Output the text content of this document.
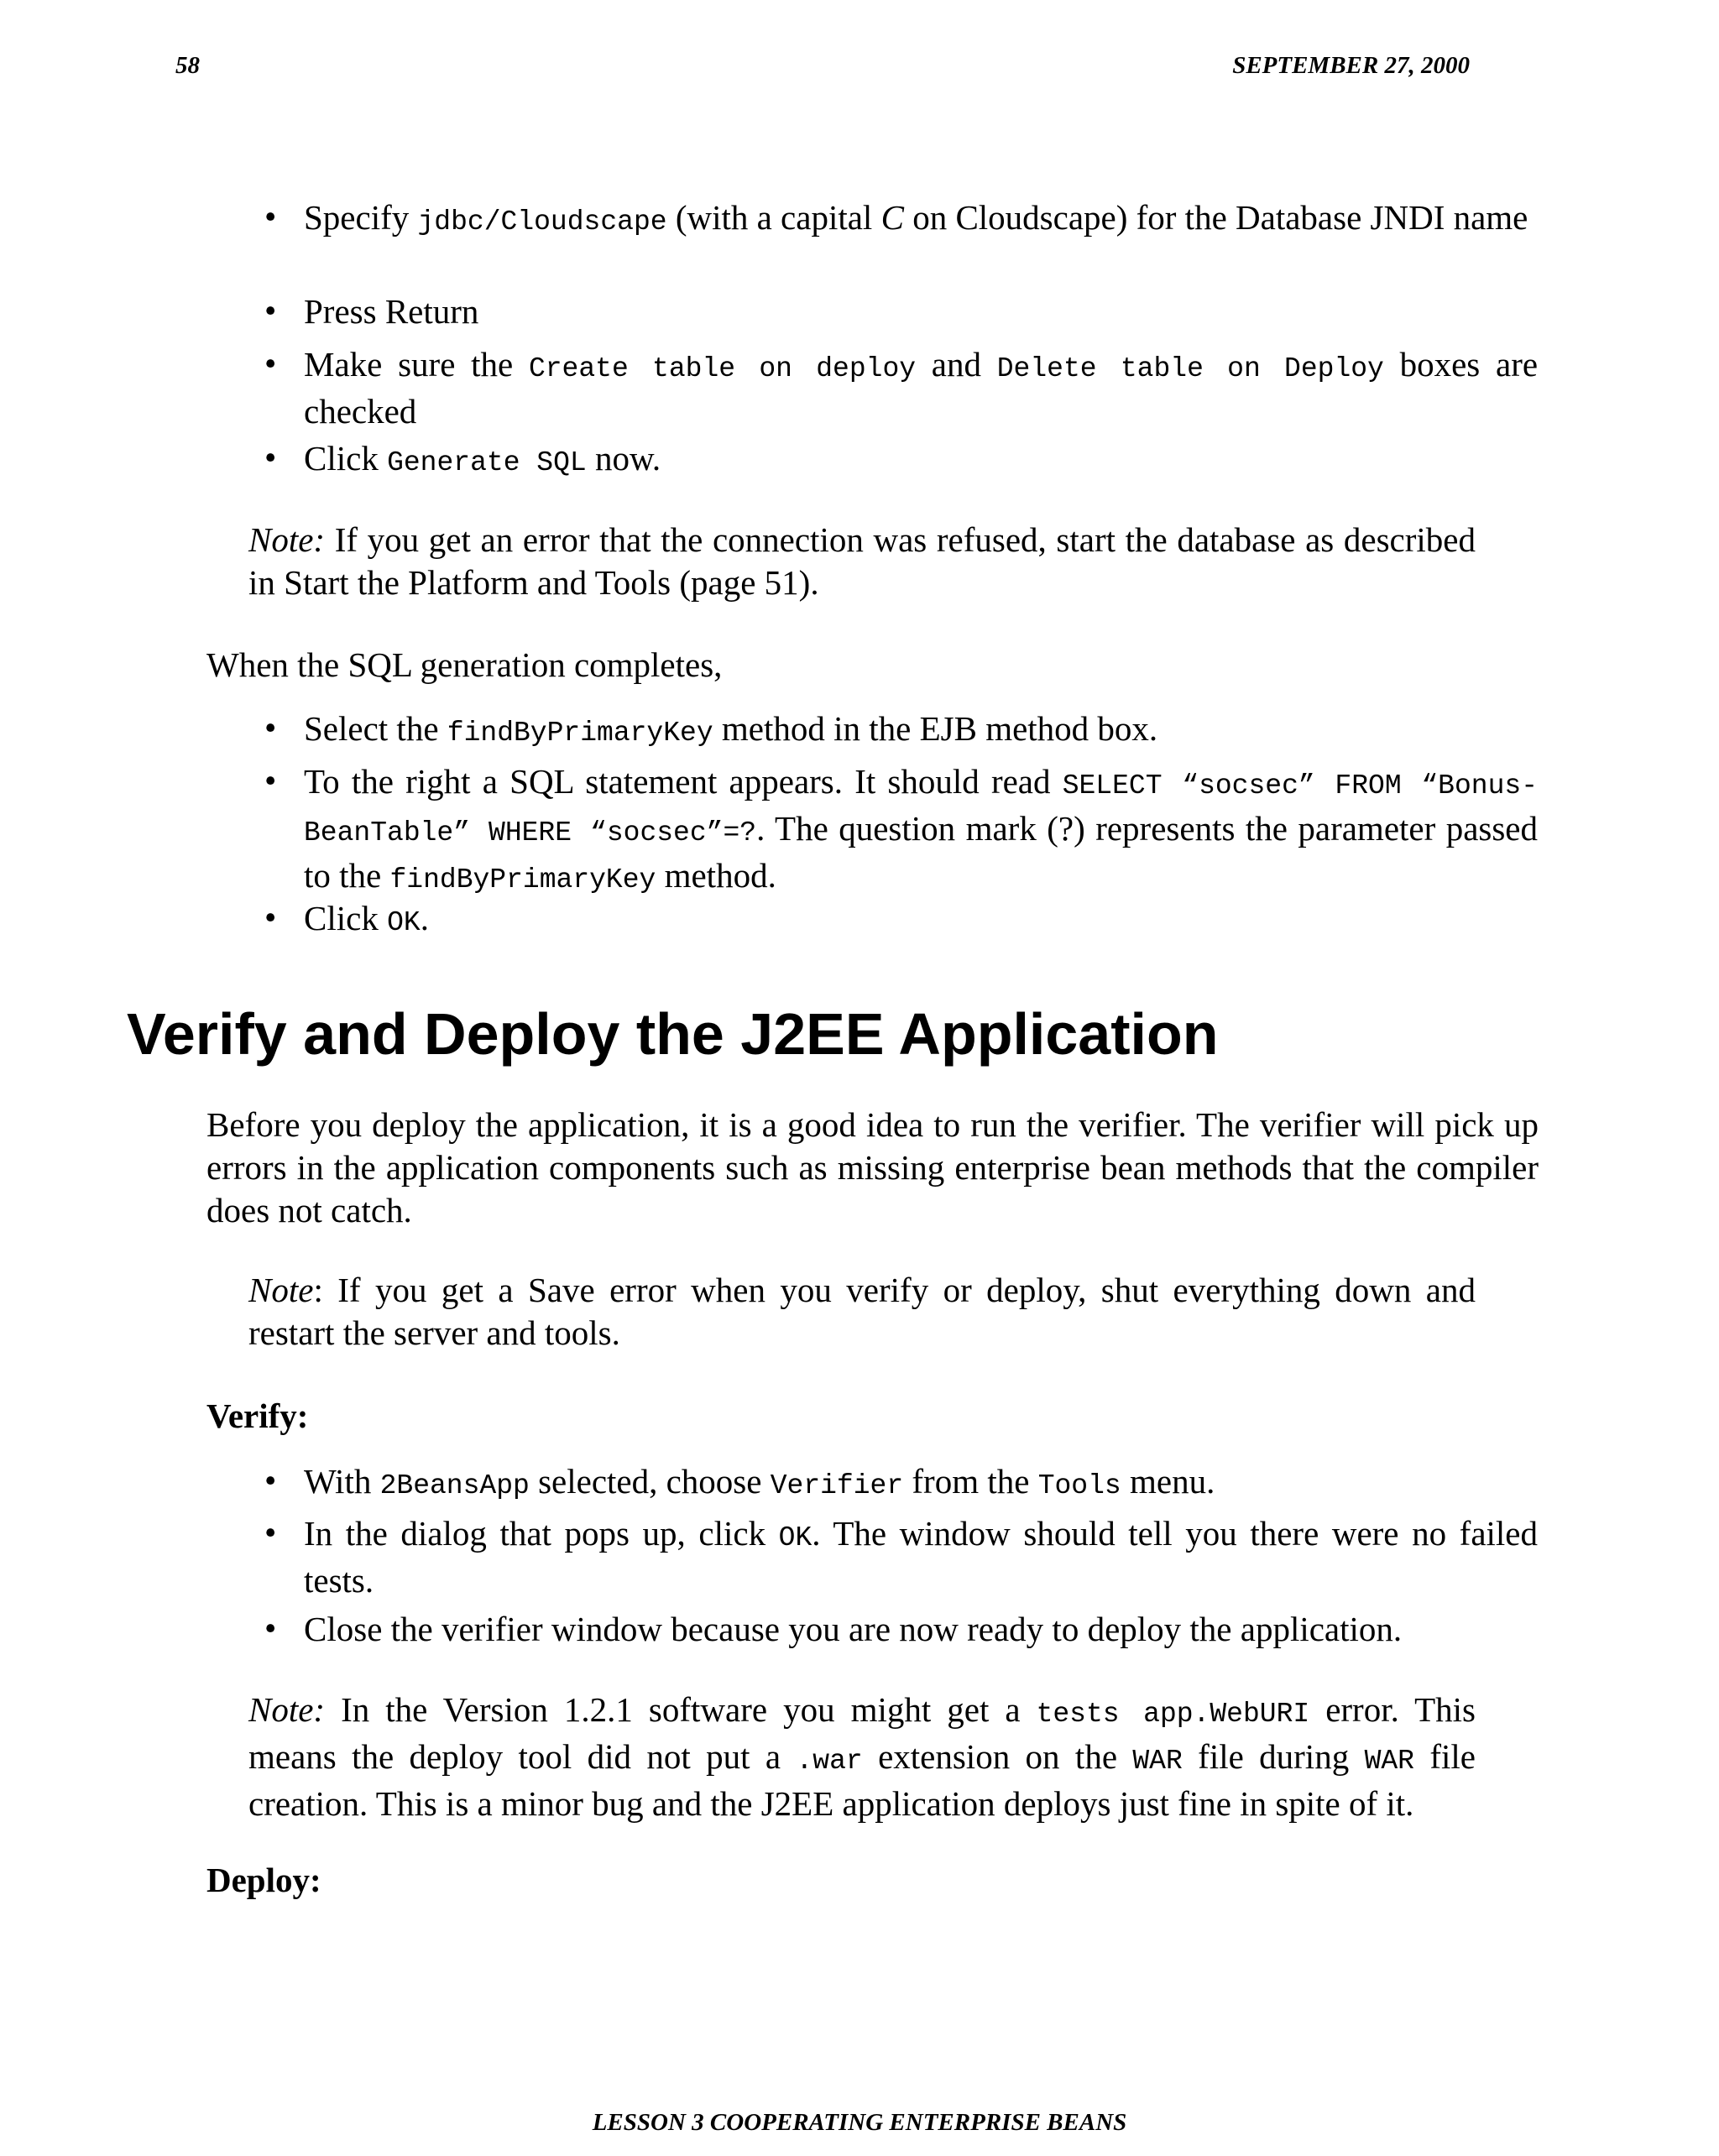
58	SEPTEMBER 27, 2000
• Specify jdbc/Cloudscape (with a capital C on Cloudscape) for the Database JNDI name
• Press Return
• Make sure the Create table on deploy and Delete table on Deploy boxes are checked
• Click Generate SQL now.
Note: If you get an error that the connection was refused, start the database as described in Start the Platform and Tools (page 51).
When the SQL generation completes,
• Select the findByPrimaryKey method in the EJB method box.
• To the right a SQL statement appears. It should read SELECT “socsec” FROM “Bonus- BeanTable” WHERE “socsec”=?. The question mark (?) represents the parameter passed to the findByPrimaryKey method.
• Click OK.
Verify and Deploy the J2EE Application
Before you deploy the application, it is a good idea to run the verifier. The verifier will pick up errors in the application components such as missing enterprise bean methods that the compiler does not catch.
Note: If you get a Save error when you verify or deploy, shut everything down and restart the server and tools.
Verify:
• With 2BeansApp selected, choose Verifier from the Tools menu.
• In the dialog that pops up, click OK. The window should tell you there were no failed tests.
• Close the verifier window because you are now ready to deploy the application.
Note: In the Version 1.2.1 software you might get a tests app.WebURI error. This means the deploy tool did not put a .war extension on the WAR file during WAR file creation. This is a minor bug and the J2EE application deploys just fine in spite of it.
Deploy:
LESSON 3 COOPERATING ENTERPRISE BEANS
